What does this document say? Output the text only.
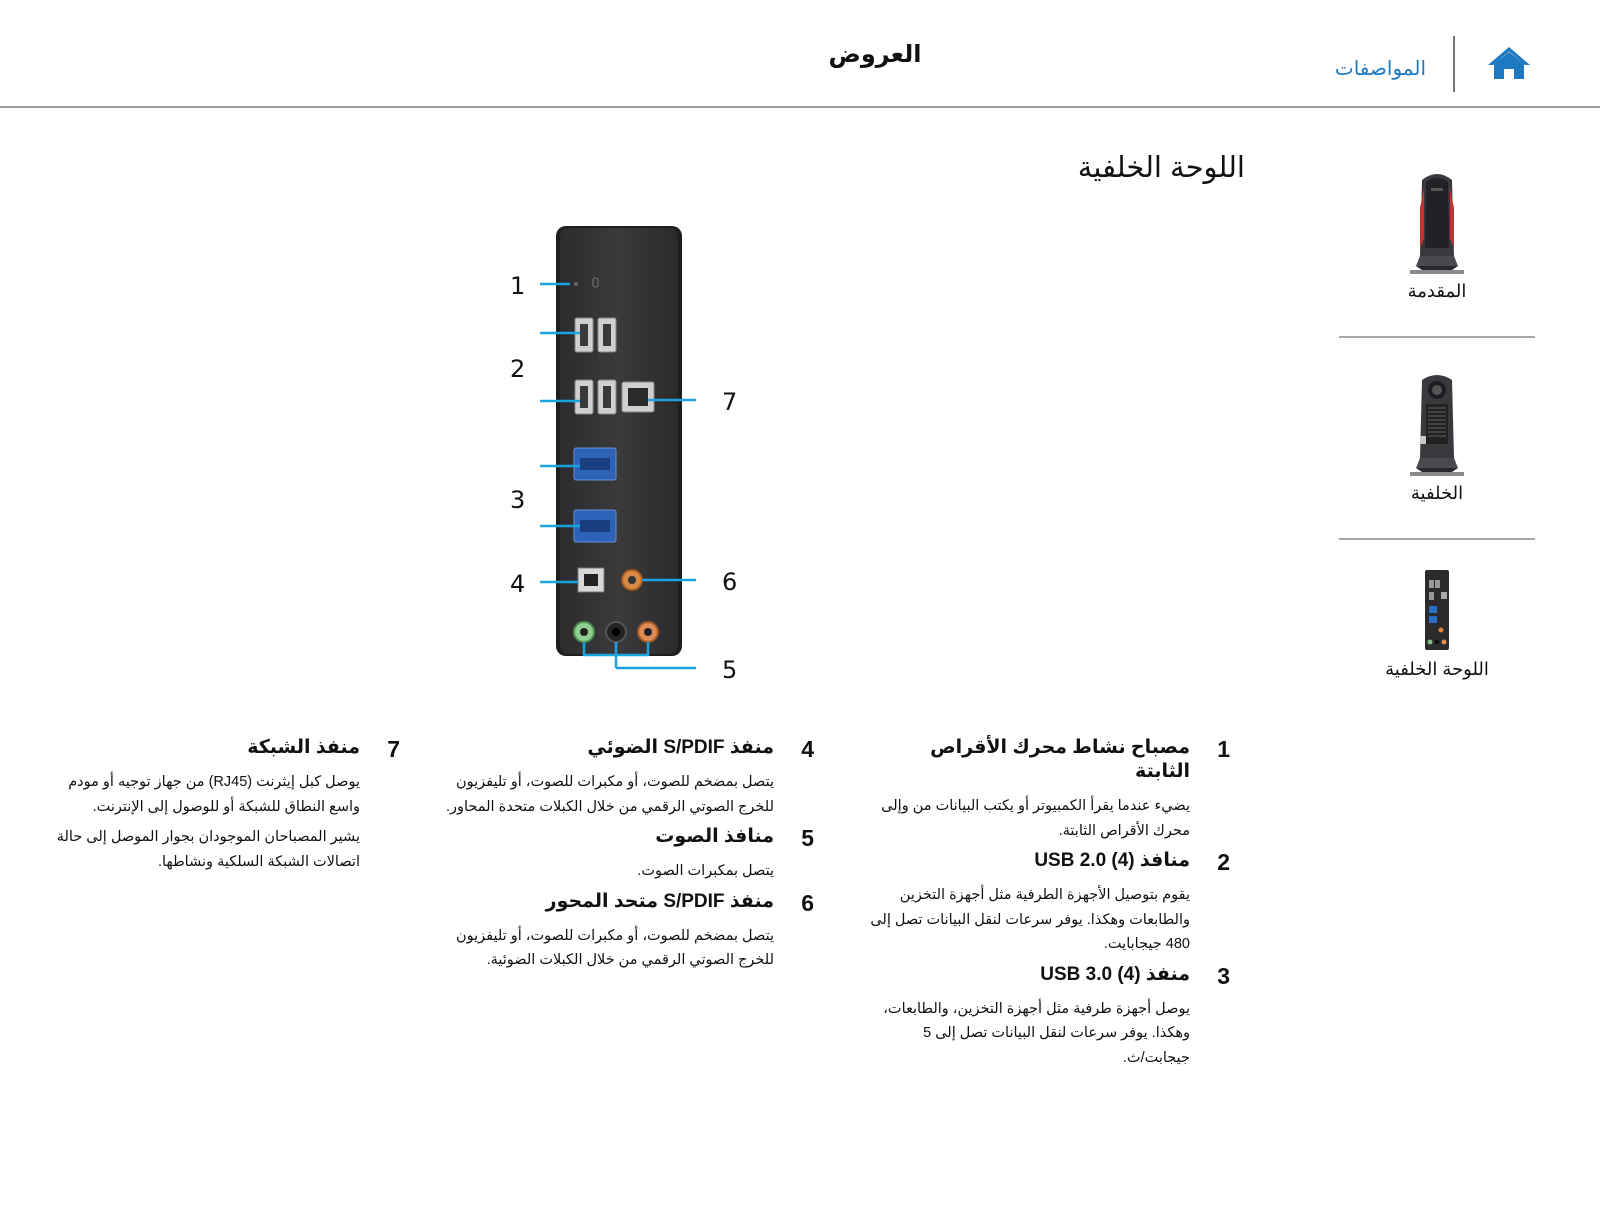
العروض
المواصفات
المقدمة
الخلفية
اللوحة الخلفية
اللوحة الخلفية
1
2
3
4
5
6
7
1
مصباح نشاط محرك الأقراص الثابتة

يضيء عندما يقرأ الكمبيوتر أو يكتب البيانات من وإلى محرك الأقراص الثابتة.

2
منافذ USB 2.0 (4)

يقوم بتوصيل الأجهزة الطرفية مثل أجهزة التخزين والطابعات وهكذا. يوفر سرعات لنقل البيانات تصل إلى 480 جيجابايت.

3
منفذ USB 3.0 (4)

يوصل أجهزة طرفية مثل أجهزة التخزين، والطابعات، وهكذا. يوفر سرعات لنقل البيانات تصل إلى 5 جيجابت/ث.

4
منفذ S/PDIF الضوئي

يتصل بمضخم للصوت، أو مكبرات للصوت، أو تليفزيون للخرج الصوتي الرقمي من خلال الكبلات متحدة المحاور.

5
منافذ الصوت

يتصل بمكبرات الصوت.

6
منفذ S/PDIF متحد المحور

يتصل بمضخم للصوت، أو مكبرات للصوت، أو تليفزيون للخرج الصوتي الرقمي من خلال الكبلات الضوئية.

7
منفذ الشبكة

يوصل كبل إيثرنت (RJ45) من جهاز توجيه أو مودم واسع النطاق للشبكة أو للوصول إلى الإنترنت.

يشير المصباحان الموجودان بجوار الموصل إلى حالة اتصالات الشبكة السلكية ونشاطها.
